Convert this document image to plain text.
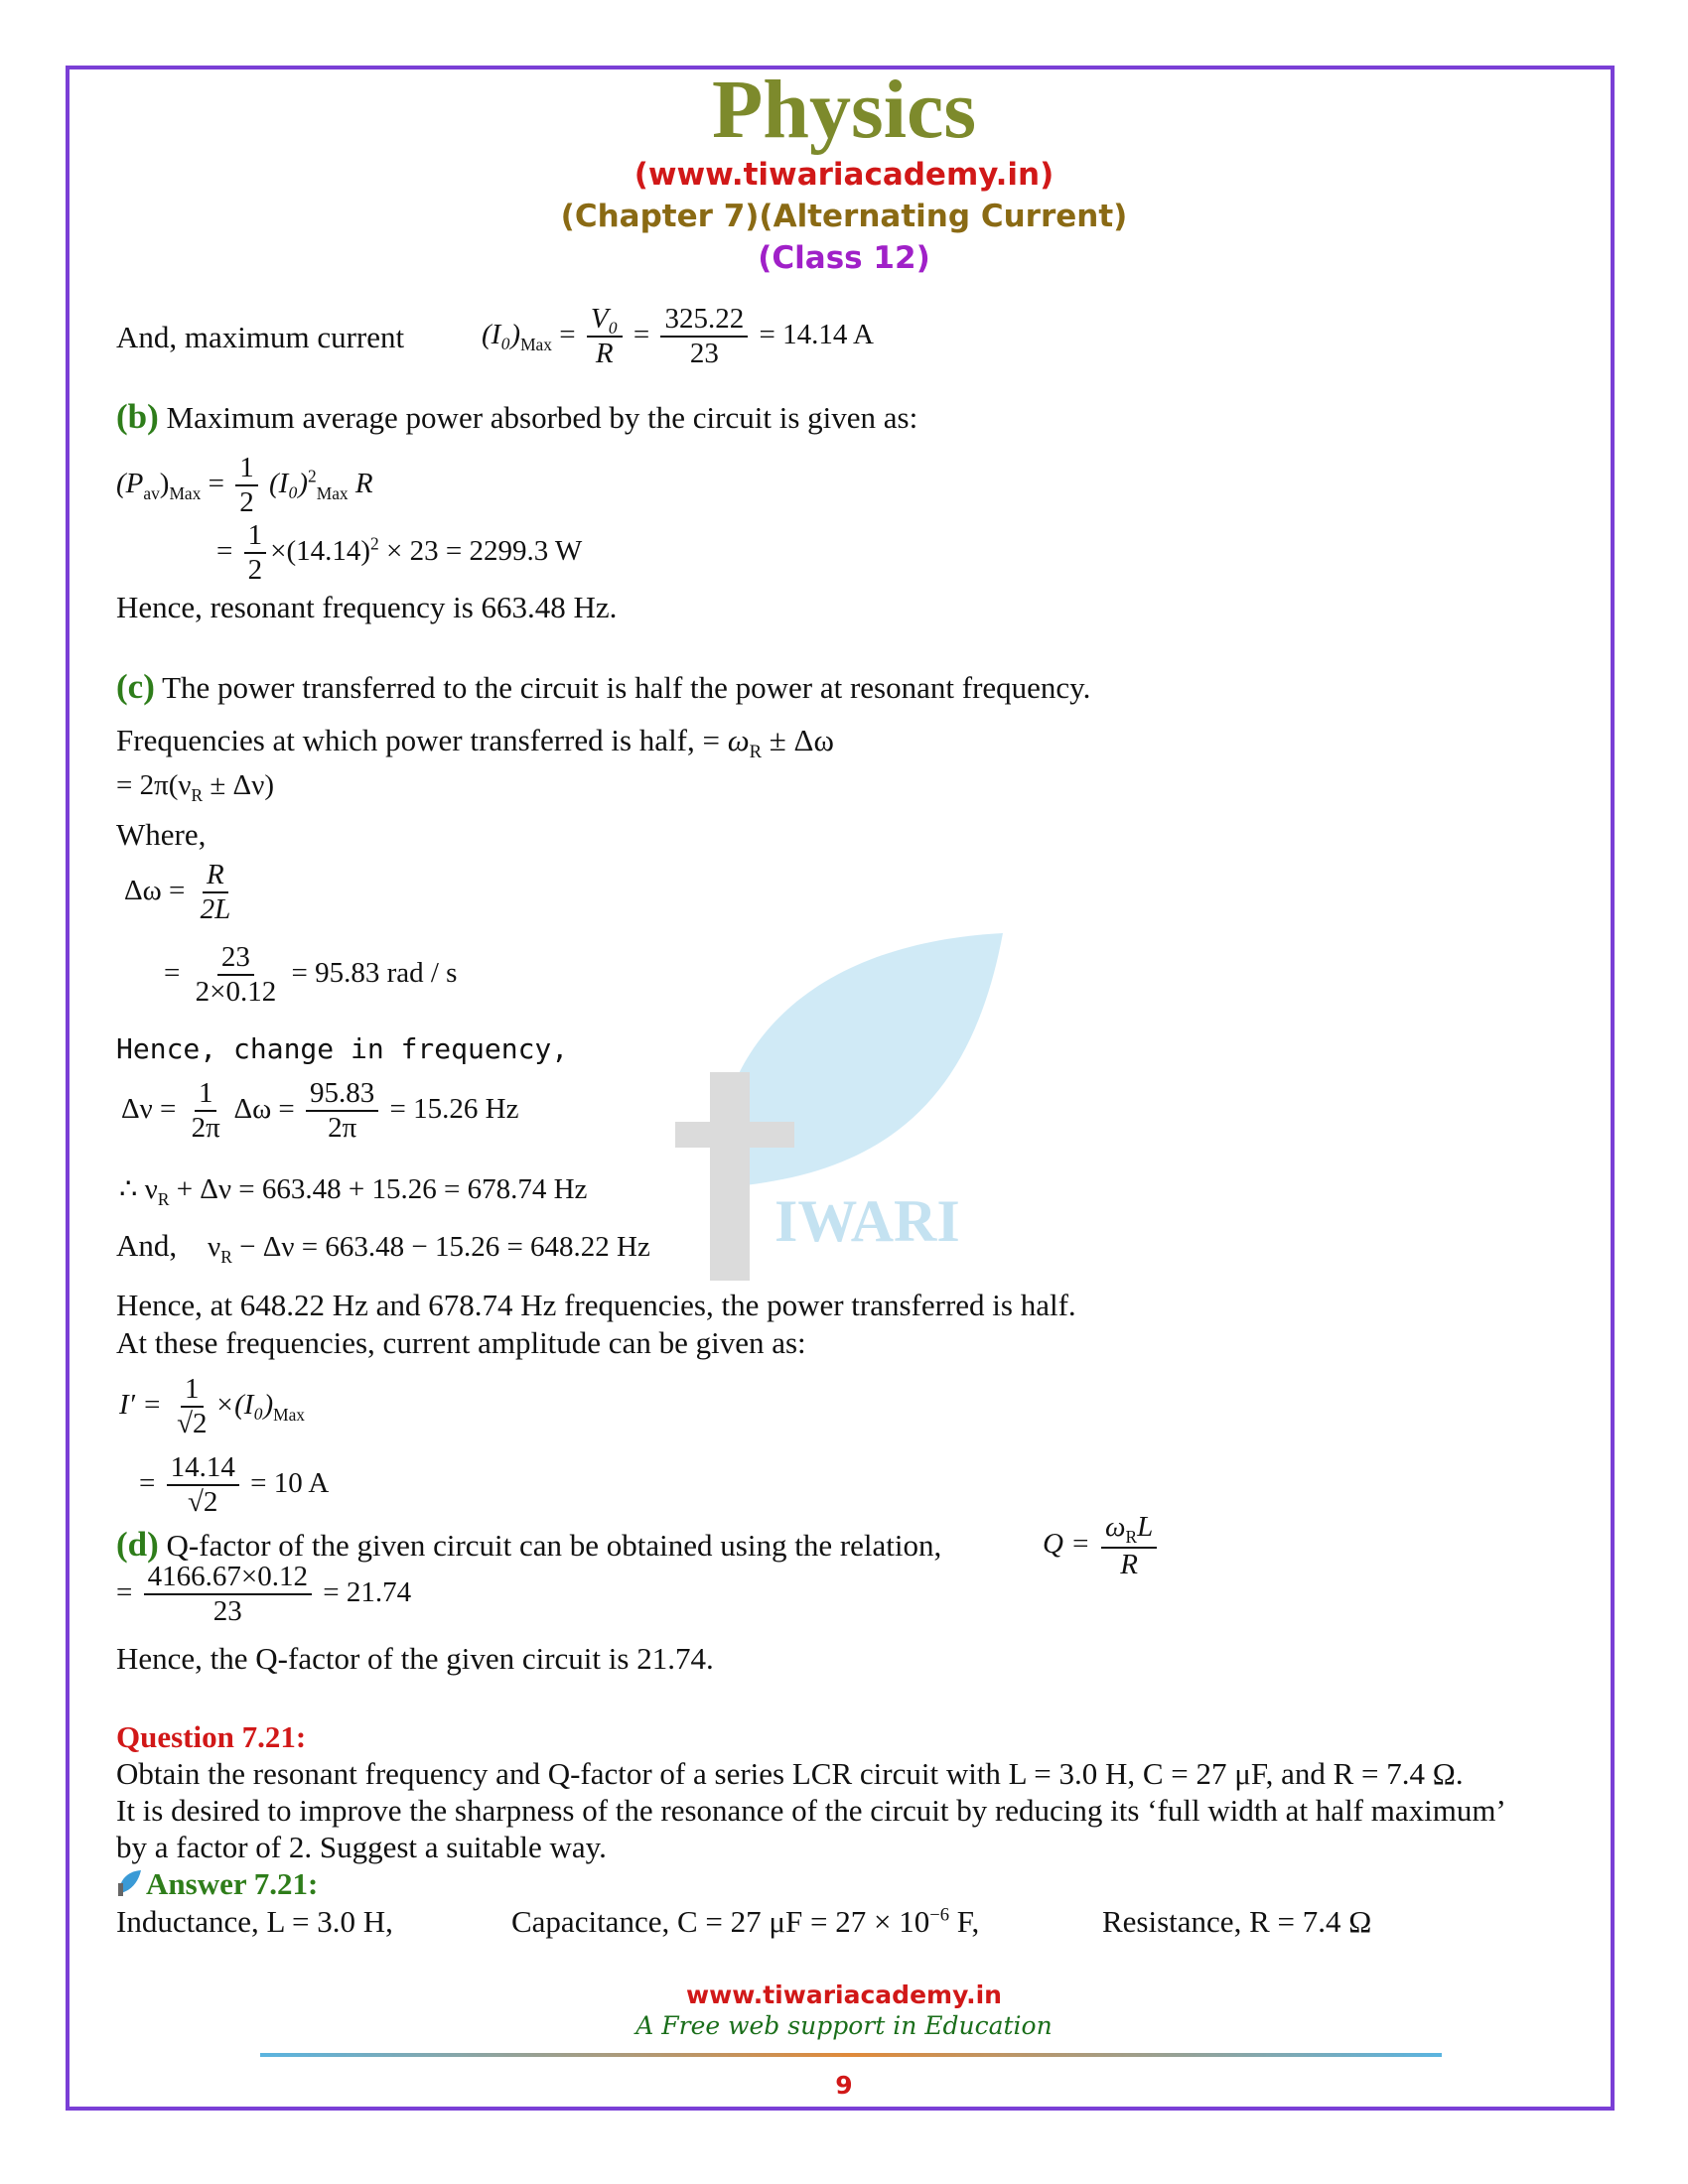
IWARI
Physics
(www.tiwariacademy.in)
(Chapter 7)(Alternating Current)
(Class 12)
And, maximum current	$(I_0)_{Max} = \frac{\text{V₀}}{R} = \frac{325.22}{23} = 14.14$ A
(b) Maximum average power absorbed by the circuit is given as:
$(P_{av})_{Max} = \frac{1}{2} (I_0)^2_{Max}$ R
= $\frac{1}{2} \times(14.14)^2 \times 23 = 2299.3$ W
Hence, resonant frequency is 663.48 Hz.
(c) The power transferred to the circuit is half the power at resonant frequency.
Frequencies at which power transferred is half, = $\omega_R \pm \Delta\omega$
= $2\pi(\nu_R \pm \Delta\nu)$
Where,
$\Delta\omega = \frac{R}{2L}$
= $\frac{23}{2\times 0.12} = 95.83$ rad / s
Hence, change in frequency,
$\Delta\nu = \frac{1}{2\pi}$ $\Delta\omega = \frac{95.83}{2\pi} = 15.26$ Hz
∴ $\nu_R + \Delta\nu = 663.48 + 15.26 = 678.74$ Hz
And, $\nu_R - \Delta\nu = 663.48 - 15.26 = 648.22$ Hz
Hence, at 648.22 Hz and 678.74 Hz frequencies, the power transferred is half.
At these frequencies, current amplitude can be given as:
$I' = \frac{1}{√2} \times(I_0)_{Max}$
= $\frac{14.14}{√2} = 10$ A
(d) Q-factor of the given circuit can be obtained using the relation,	$Q = \frac{\omega_RL}{R}$
= $\frac{4166.67\times 0.12}{23} = 21.74$
Hence, the Q-factor of the given circuit is 21.74.
Question 7.21:
Obtain the resonant frequency and Q-factor of a series LCR circuit with L = 3.0 H, C = 27 μF, and R = 7.4 Ω.
It is desired to improve the sharpness of the resonance of the circuit by reducing its ‘full width at half maximum’
by a factor of 2. Suggest a suitable way.
Answer 7.21:
Inductance, L = 3.0 H,	Capacitance, C = 27 $\mu F = 27 \times 10^{-6}$ F,	Resistance, R = 7.4 Ω
www.tiwariacademy.in
A Free web support in Education
9
